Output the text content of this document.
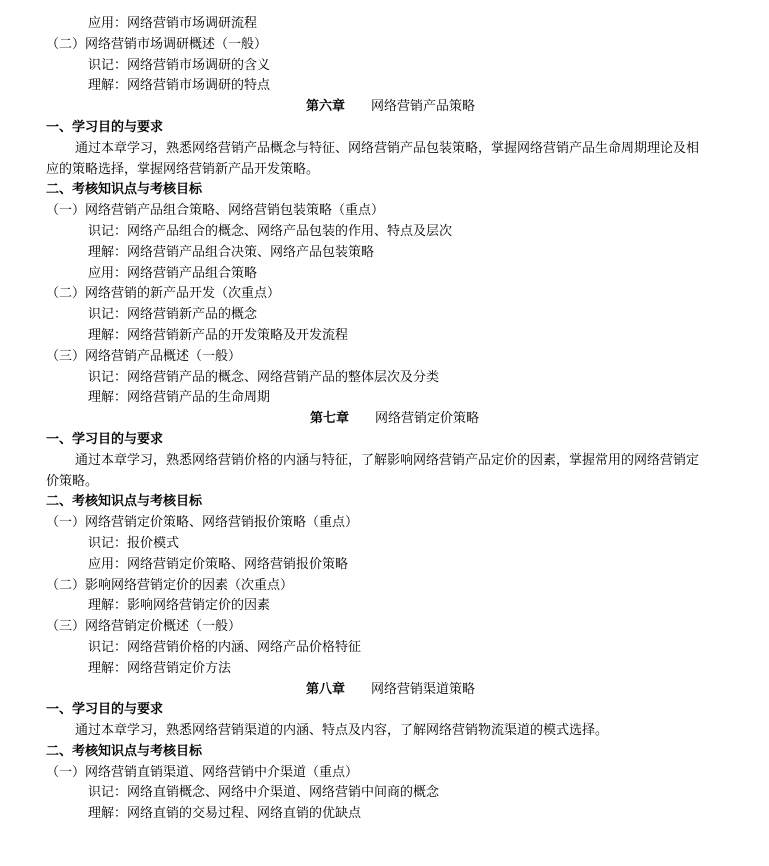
应用：网络营销市场调研流程
（二）网络营销市场调研概述（一般）
识记：网络营销市场调研的含义
理解：网络营销市场调研的特点
第六章 网络营销产品策略
一、学习目的与要求
通过本章学习，熟悉网络营销产品概念与特征、网络营销产品包装策略，掌握网络营销产品生命周期理论及相
应的策略选择，掌握网络营销新产品开发策略。
二、考核知识点与考核目标
（一）网络营销产品组合策略、网络营销包装策略（重点）
识记：网络产品组合的概念、网络产品包装的作用、特点及层次
理解：网络营销产品组合决策、网络产品包装策略
应用：网络营销产品组合策略
（二）网络营销的新产品开发（次重点）
识记：网络营销新产品的概念
理解：网络营销新产品的开发策略及开发流程
（三）网络营销产品概述（一般）
识记：网络营销产品的概念、网络营销产品的整体层次及分类
理解：网络营销产品的生命周期
第七章 网络营销定价策略
一、学习目的与要求
通过本章学习，熟悉网络营销价格的内涵与特征，了解影响网络营销产品定价的因素，掌握常用的网络营销定
价策略。
二、考核知识点与考核目标
（一）网络营销定价策略、网络营销报价策略（重点）
识记：报价模式
应用：网络营销定价策略、网络营销报价策略
（二）影响网络营销定价的因素（次重点）
理解：影响网络营销定价的因素
（三）网络营销定价概述（一般）
识记：网络营销价格的内涵、网络产品价格特征
理解：网络营销定价方法
第八章 网络营销渠道策略
一、学习目的与要求
通过本章学习，熟悉网络营销渠道的内涵、特点及内容，了解网络营销物流渠道的模式选择。
二、考核知识点与考核目标
（一）网络营销直销渠道、网络营销中介渠道（重点）
识记：网络直销概念、网络中介渠道、网络营销中间商的概念
理解：网络直销的交易过程、网络直销的优缺点
